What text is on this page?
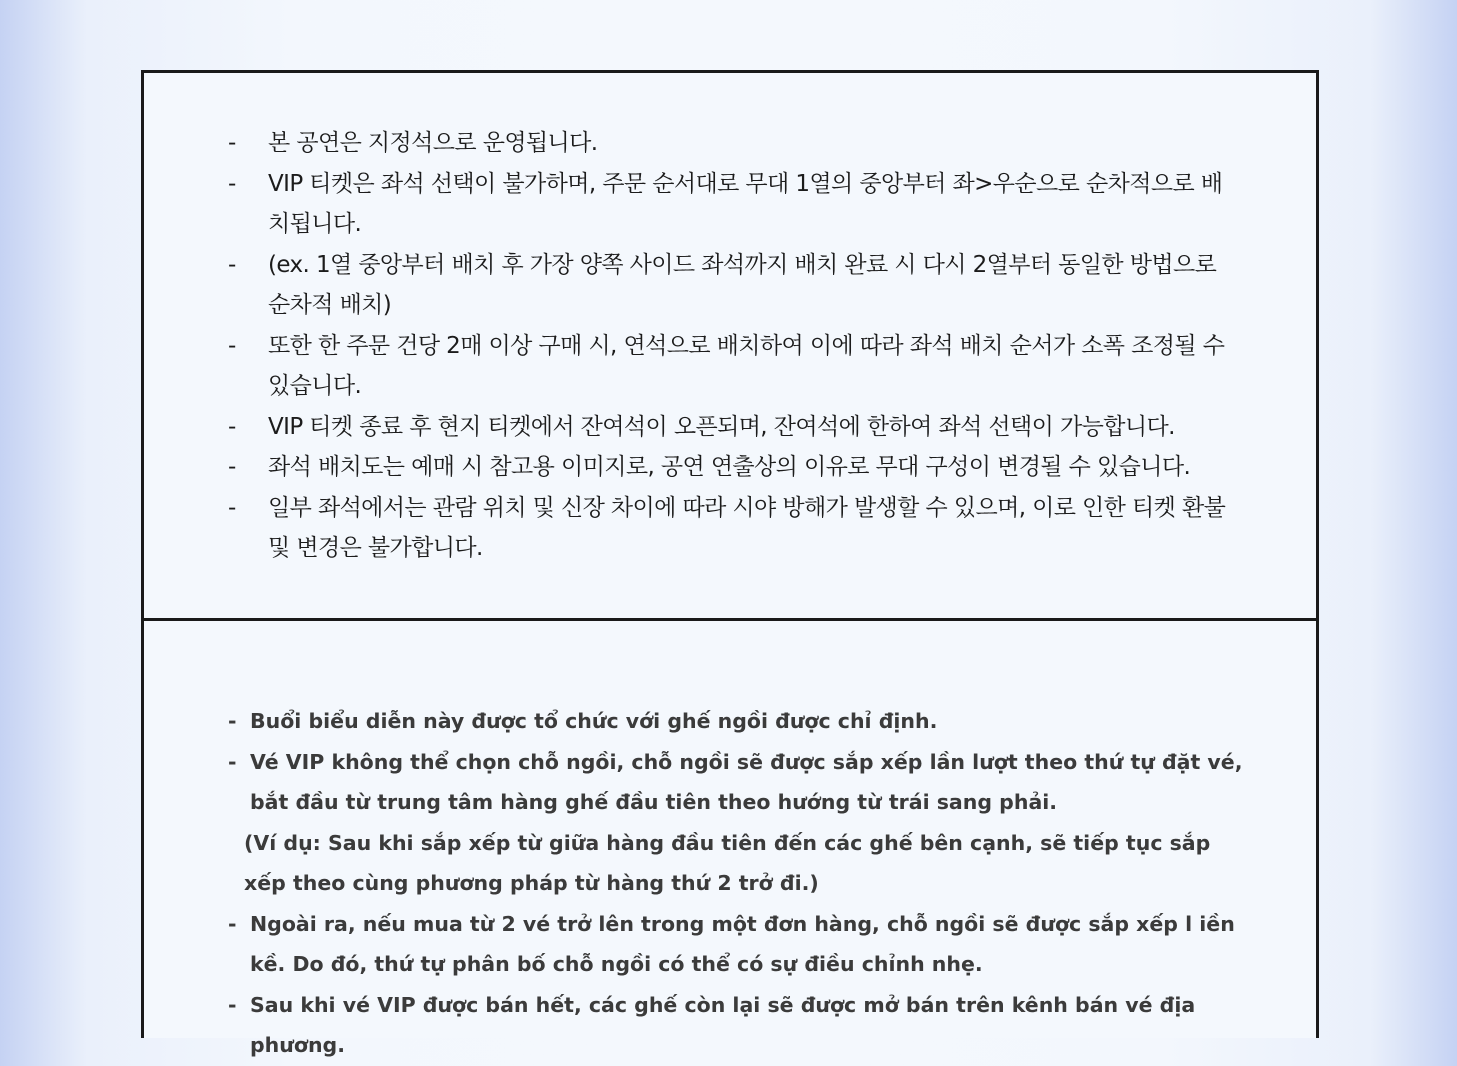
- 본 공연은 지정석으로 운영됩니다.
- VIP 티켓은 좌석 선택이 불가하며, 주문 순서대로 무대 1열의 중앙부터 좌>우순으로 순차적으로 배치됩니다.
- (ex. 1열 중앙부터 배치 후 가장 양쪽 사이드 좌석까지 배치 완료 시 다시 2열부터 동일한 방법으로 순차적 배치)
- 또한 한 주문 건당 2매 이상 구매 시, 연석으로 배치하여 이에 따라 좌석 배치 순서가 소폭 조정될 수 있습니다.
- VIP 티켓 종료 후 현지 티켓에서 잔여석이 오픈되며, 잔여석에 한하여 좌석 선택이 가능합니다.
- 좌석 배치도는 예매 시 참고용 이미지로, 공연 연출상의 이유로 무대 구성이 변경될 수 있습니다.
- 일부 좌석에서는 관람 위치 및 신장 차이에 따라 시야 방해가 발생할 수 있으며, 이로 인한 티켓 환불 및 변경은 불가합니다.
- Buổi biểu diễn này được tổ chức với ghế ngồi được chỉ định.
- Vé VIP không thể chọn chỗ ngồi, chỗ ngồi sẽ được sắp xếp lần lượt theo thứ tự đặt vé, bắt đầu từ trung tâm hàng ghế đầu tiên theo hướng từ trái sang phải.
(Ví dụ: Sau khi sắp xếp từ giữa hàng đầu tiên đến các ghế bên cạnh, sẽ tiếp tục sắp xếp theo cùng phương pháp từ hàng thứ 2 trở đi.)
- Ngoài ra, nếu mua từ 2 vé trở lên trong một đơn hàng, chỗ ngồi sẽ được sắp xếp l iền kề. Do đó, thứ tự phân bố chỗ ngồi có thể có sự điều chỉnh nhẹ.
- Sau khi vé VIP được bán hết, các ghế còn lại sẽ được mở bán trên kênh bán vé địa phương.
